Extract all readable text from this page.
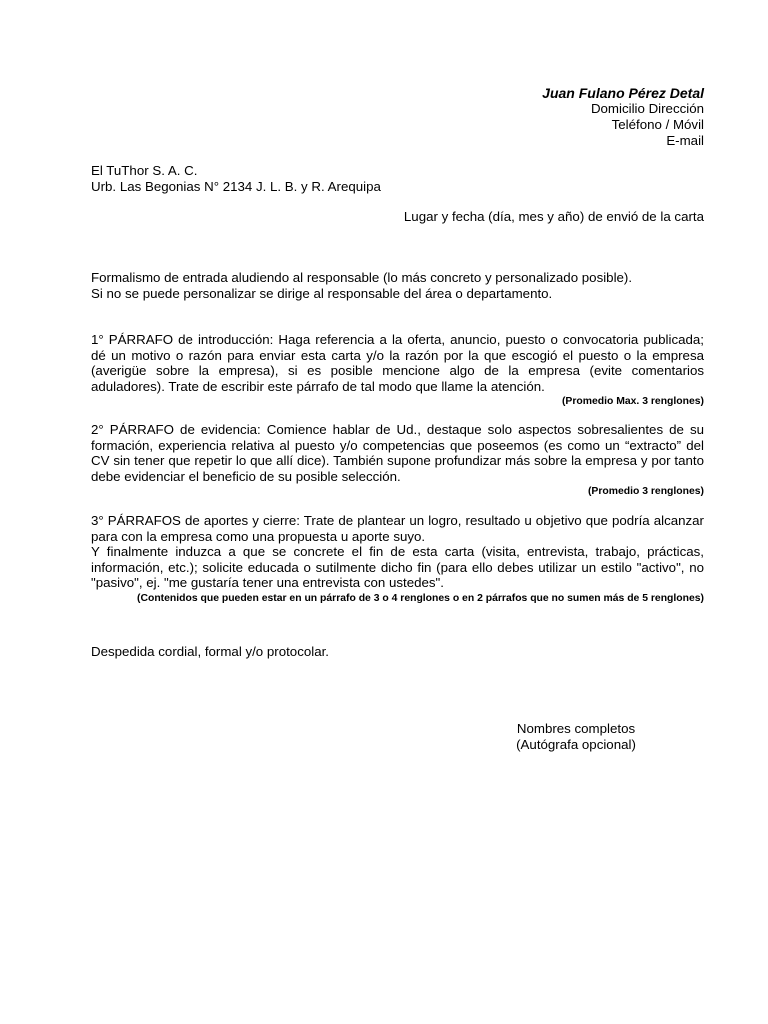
Juan Fulano Pérez Detal
Domicilio Dirección
Teléfono / Móvil
E-mail
El TuThor S. A. C.
Urb. Las Begonias N° 2134 J. L. B. y R. Arequipa
Lugar y fecha (día, mes y año) de envió de la carta
Formalismo de entrada aludiendo al responsable (lo más concreto y personalizado posible).
Si no se puede personalizar se dirige al responsable del área o departamento.
1° PÁRRAFO de introducción: Haga referencia a la oferta, anuncio, puesto o convocatoria publicada; dé un motivo o razón para enviar esta carta y/o la razón por la que escogió el puesto o la empresa (averigüe sobre la empresa), si es posible mencione algo de la empresa (evite comentarios aduladores). Trate de escribir este párrafo de tal modo que llame la atención.
(Promedio Max. 3 renglones)
2° PÁRRAFO de evidencia: Comience hablar de Ud., destaque solo aspectos sobresalientes de su formación, experiencia relativa al puesto y/o competencias que poseemos (es como un “extracto” del CV sin tener que repetir lo que allí dice). También supone profundizar más sobre la empresa y por tanto debe evidenciar el beneficio de su posible selección.
(Promedio 3 renglones)
3° PÁRRAFOS de aportes y cierre: Trate de plantear un logro, resultado u objetivo que podría alcanzar para con la empresa como una propuesta u aporte suyo.
Y finalmente induzca a que se concrete el fin de esta carta (visita, entrevista, trabajo, prácticas, información, etc.); solicite educada o sutilmente dicho fin (para ello debes utilizar un estilo "activo", no "pasivo", ej. "me gustaría tener una entrevista con ustedes".
(Contenidos que pueden estar en un párrafo de 3 o 4 renglones o en 2 párrafos que no sumen más de 5 renglones)
Despedida cordial, formal y/o protocolar.
Nombres completos
(Autógrafa opcional)
